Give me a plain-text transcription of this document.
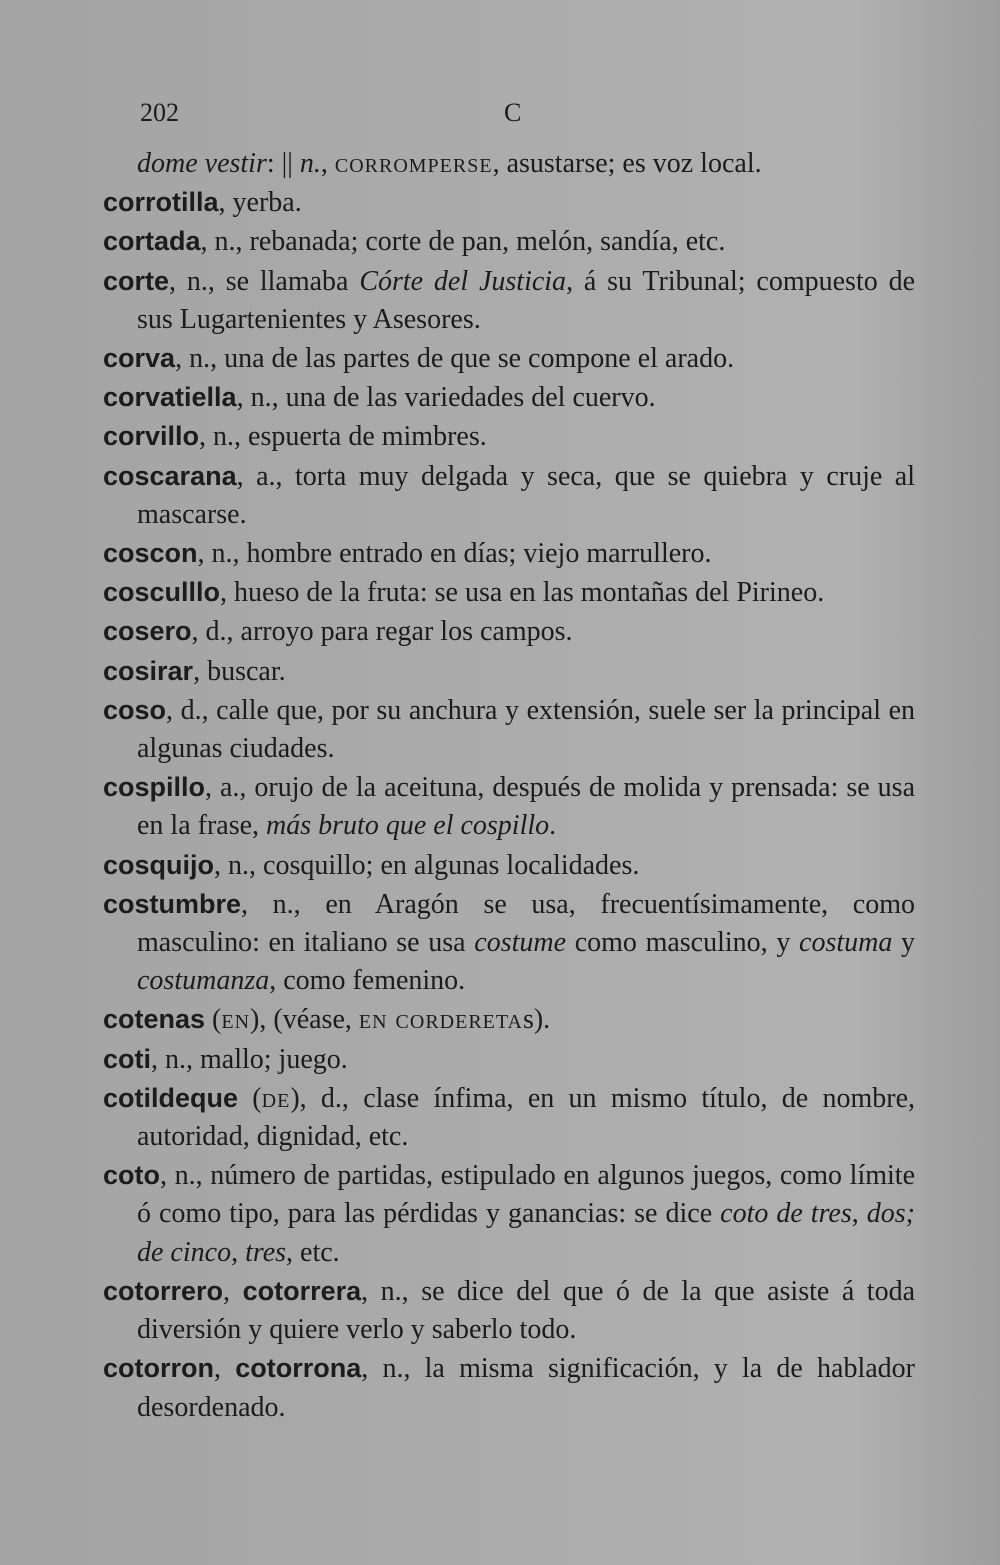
202	C

dome vestir: || n., corromperse, asustarse; es voz local.

corrotilla, yerba.

cortada, n., rebanada; corte de pan, melón, sandía, etc.

corte, n., se llamaba Córte del Justicia, á su Tribunal; compuesto de sus Lugartenientes y Asesores.

corva, n., una de las partes de que se compone el arado.

corvatiella, n., una de las variedades del cuervo.

corvillo, n., espuerta de mimbres.

coscarana, a., torta muy delgada y seca, que se quiebra y cruje al mascarse.

coscon, n., hombre entrado en días; viejo marrullero.

cosculllo, hueso de la fruta: se usa en las montañas del Pirineo.

cosero, d., arroyo para regar los campos.

cosirar, buscar.

coso, d., calle que, por su anchura y extensión, suele ser la principal en algunas ciudades.

cospillo, a., orujo de la aceituna, después de molida y prensada: se usa en la frase, más bruto que el cospillo.

cosquijo, n., cosquillo; en algunas localidades.

costumbre, n., en Aragón se usa, frecuentísimamente, como masculino: en italiano se usa costume como masculino, y costuma y costumanza, como femenino.

cotenas (en), (véase, en corderetas).

coti, n., mallo; juego.

cotildeque (de), d., clase ínfima, en un mismo título, de nombre, autoridad, dignidad, etc.

coto, n., número de partidas, estipulado en algunos juegos, como límite ó como tipo, para las pérdidas y ganancias: se dice coto de tres, dos; de cinco, tres, etc.

cotorrero, cotorrera, n., se dice del que ó de la que asiste á toda diversión y quiere verlo y saberlo todo.

cotorron, cotorrona, n., la misma significación, y la de hablador desordenado.
